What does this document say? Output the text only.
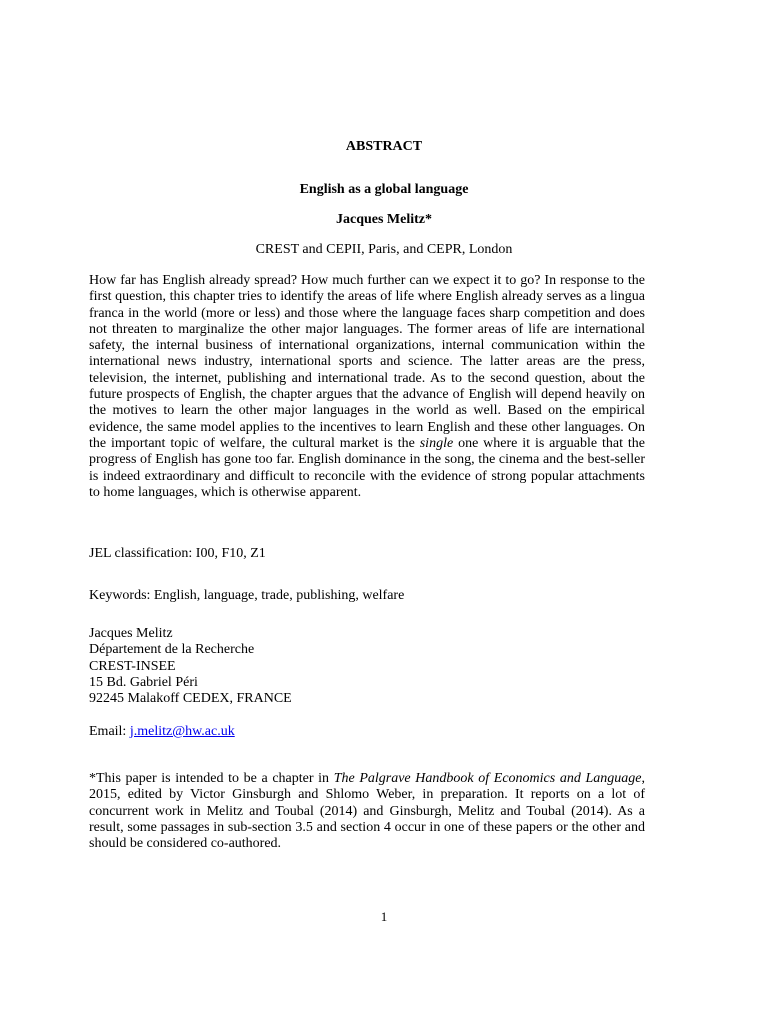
ABSTRACT
English as a global language
Jacques Melitz*
CREST and CEPII, Paris, and CEPR, London
How far has English already spread? How much further can we expect it to go? In response to the first question, this chapter tries to identify the areas of life where English already serves as a lingua franca in the world (more or less) and those where the language faces sharp competition and does not threaten to marginalize the other major languages. The former areas of life are international safety, the internal business of international organizations, internal communication within the international news industry, international sports and science. The latter areas are the press, television, the internet, publishing and international trade. As to the second question, about the future prospects of English, the chapter argues that the advance of English will depend heavily on the motives to learn the other major languages in the world as well. Based on the empirical evidence, the same model applies to the incentives to learn English and these other languages. On the important topic of welfare, the cultural market is the single one where it is arguable that the progress of English has gone too far. English dominance in the song, the cinema and the best-seller is indeed extraordinary and difficult to reconcile with the evidence of strong popular attachments to home languages, which is otherwise apparent.
JEL classification: I00, F10, Z1
Keywords: English, language, trade, publishing, welfare
Jacques Melitz
Département de la Recherche
CREST-INSEE
15 Bd. Gabriel Péri
92245 Malakoff CEDEX, FRANCE
Email: j.melitz@hw.ac.uk
*This paper is intended to be a chapter in The Palgrave Handbook of Economics and Language, 2015, edited by Victor Ginsburgh and Shlomo Weber, in preparation. It reports on a lot of concurrent work in Melitz and Toubal (2014) and Ginsburgh, Melitz and Toubal (2014). As a result, some passages in sub-section 3.5 and section 4 occur in one of these papers or the other and should be considered co-authored.
1
